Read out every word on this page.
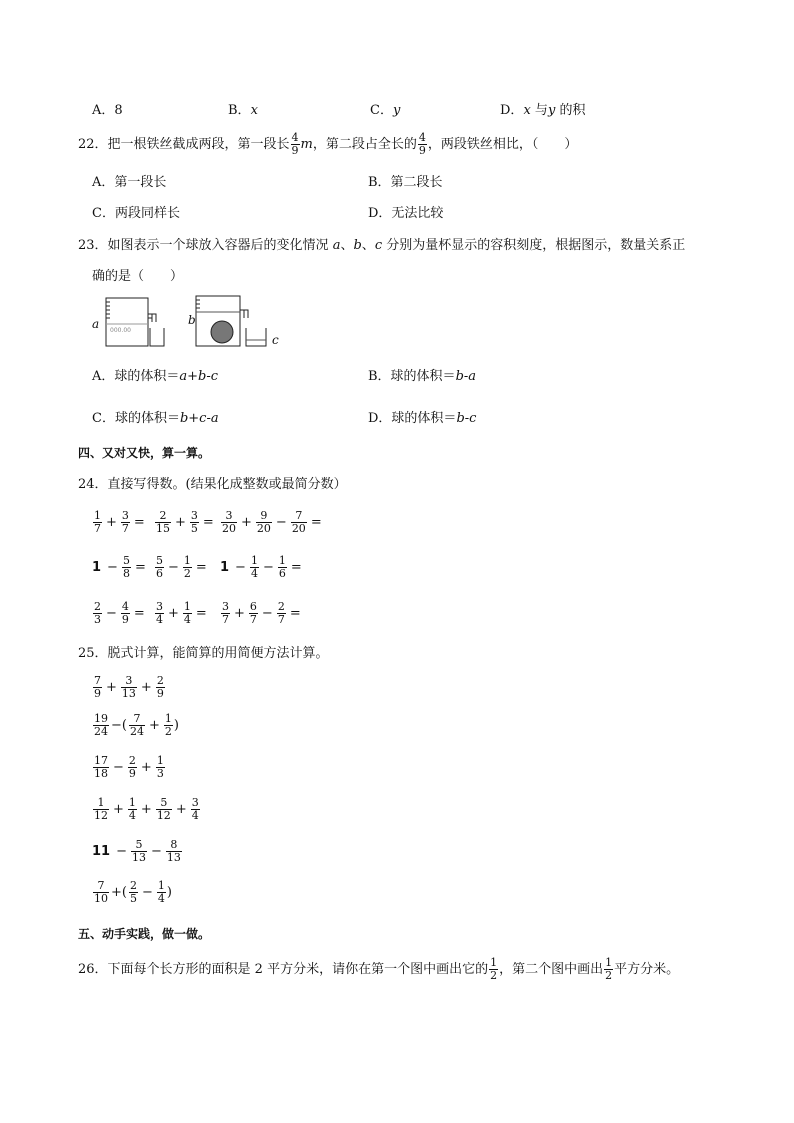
A．8	B．x	C．y	D．x 与y 的积
22．把一根铁丝截成两段，第一段长 $\frac{4}{9}$ m，第二段占全长的 $\frac{4}{9}$ ，两段铁丝相比，（　　）
A．第一段长	B．第二段长
C．两段同样长	D．无法比较
23．如图表示一个球放入容器后的变化情况 a、b、c 分别为量杯显示的容积刻度，根据图示，数量关系正
确的是（　　）
000.00
a	b
c
A．球的体积＝a+b-c	B．球的体积＝b-a
C．球的体积＝b+c-a	D．球的体积＝b-c
四、又对又快，算一算。
24．直接写得数。(结果化成整数或最简分数）
$\frac{1}{7} + \frac{3}{7} = \frac{2}{15} + \frac{3}{5} = \frac{3}{20} + \frac{9}{20} - \frac{7}{20}$ =
$1 - \frac{5}{8} = \frac{5}{6} - \frac{1}{2} = 1 - \frac{1}{4} - \frac{1}{6}$ =
$\frac{2}{3} - \frac{4}{9} = \frac{3}{4} + \frac{1}{4} = \frac{3}{7} + \frac{6}{7} - \frac{2}{7}$ =
25．脱式计算，能简算的用简便方法计算。
$\frac{7}{9} + \frac{3}{13} + \frac{2}{9}$
$\frac{19}{24}$ −( $\frac{7}{24} + \frac{1}{2}$ )
$\frac{17}{18} - \frac{2}{9} + \frac{1}{3}$
$\frac{1}{12} + \frac{1}{4} + \frac{5}{12} + \frac{3}{4}$
$11 - \frac{5}{13} - \frac{8}{13}$
$\frac{7}{10}$ +( $\frac{2}{5} - \frac{1}{4}$ )
五、动手实践，做一做。
26．下面每个长方形的面积是 2 平方分米，请你在第一个图中画出它的 $\frac{1}{2}$ ，第二个图中画出 $\frac{1}{2}$ 平方分米。
